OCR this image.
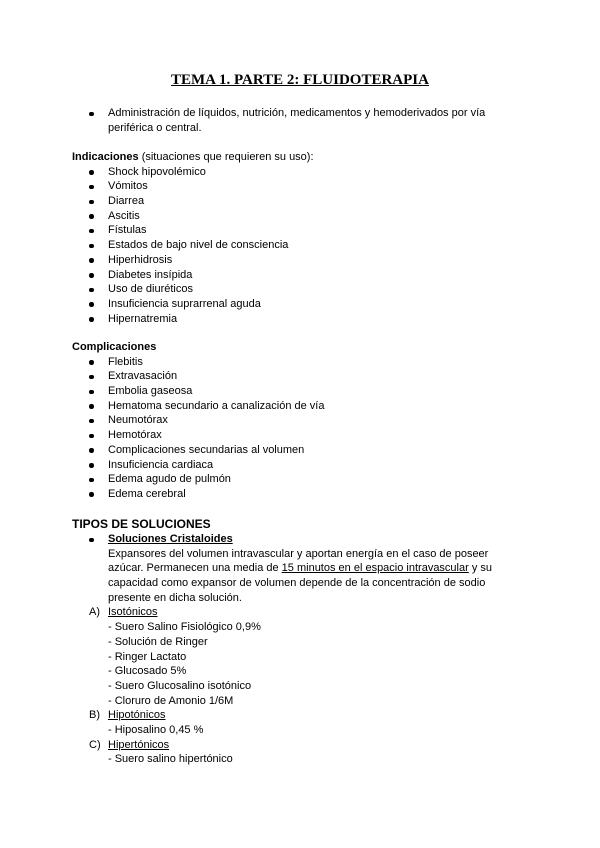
TEMA 1. PARTE 2: FLUIDOTERAPIA
Administración de líquidos, nutrición, medicamentos y hemoderivados por vía
periférica o central.
Indicaciones (situaciones que requieren su uso):
Shock hipovolémico
Vómitos
Diarrea
Ascitis
Fístulas
Estados de bajo nivel de consciencia
Hiperhidrosis
Diabetes insípida
Uso de diuréticos
Insuficiencia suprarrenal aguda
Hipernatremia
Complicaciones
Flebitis
Extravasación
Embolia gaseosa
Hematoma secundario a canalización de vía
Neumotórax
Hemotórax
Complicaciones secundarias al volumen
Insuficiencia cardiaca
Edema agudo de pulmón
Edema cerebral
TIPOS DE SOLUCIONES
Soluciones Cristaloides
Expansores del volumen intravascular y aportan energía en el caso de poseer
azúcar. Permanecen una media de 15 minutos en el espacio intravascular y su
capacidad como expansor de volumen depende de la concentración de sodio
presente en dicha solución.
A) Isotónicos
- Suero Salino Fisiológico 0,9%
- Solución de Ringer
- Ringer Lactato
- Glucosado 5%
- Suero Glucosalino isotónico
- Cloruro de Amonio 1/6M
B) Hipotónicos
- Hiposalino 0,45 %
C) Hipertónicos
- Suero salino hipertónico
